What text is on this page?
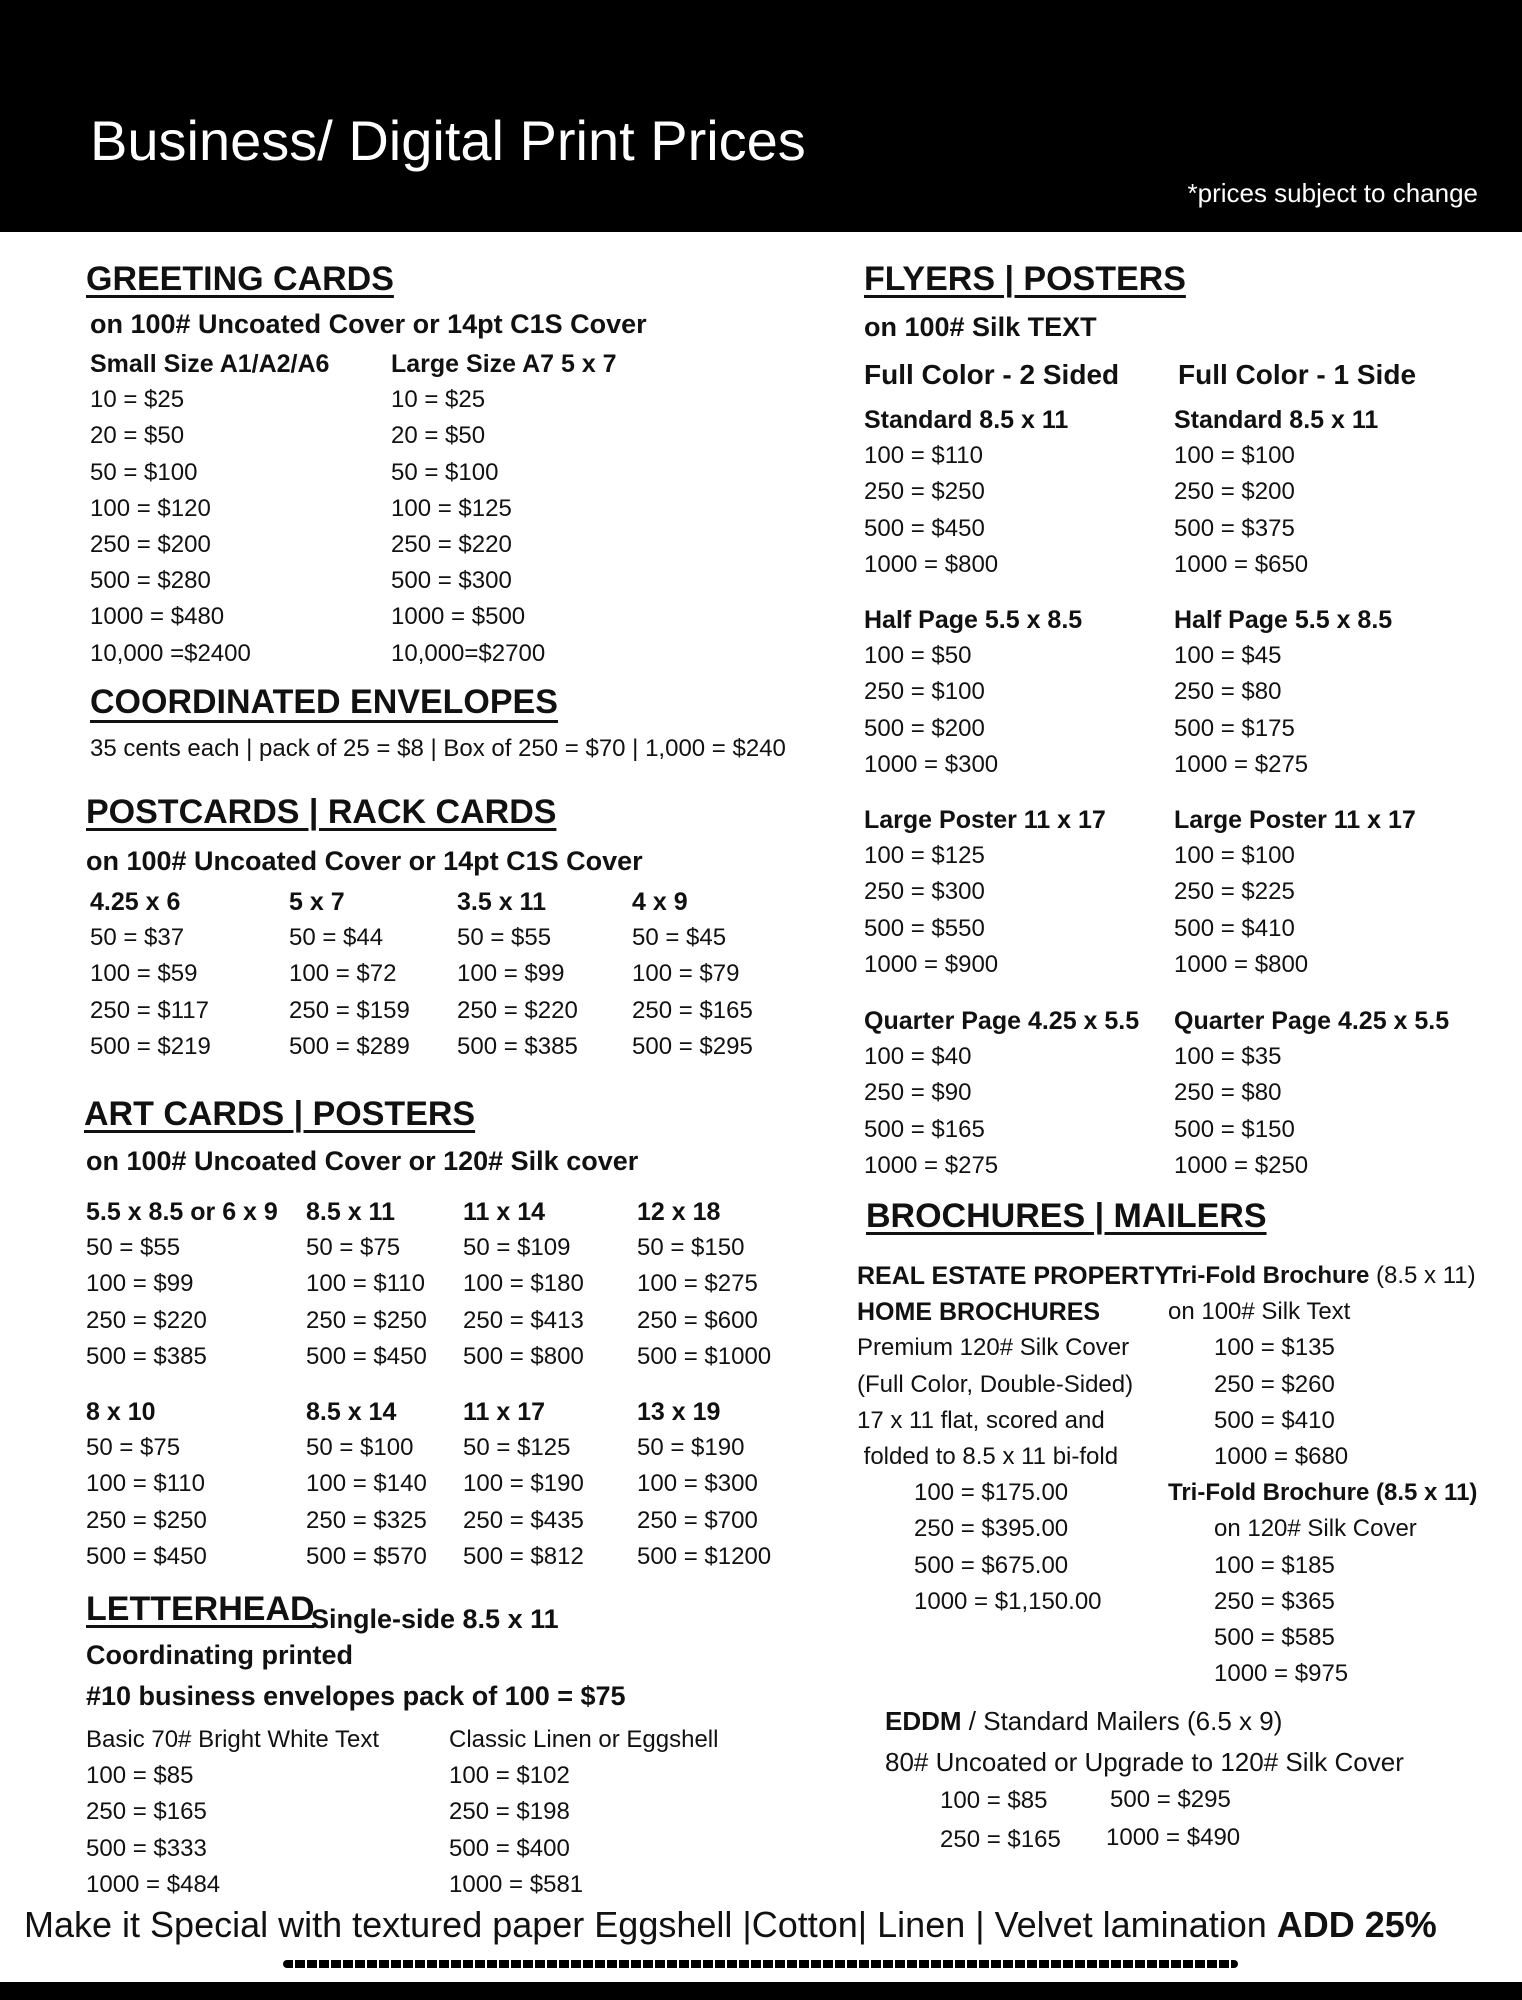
Business/ Digital Print Prices
*prices subject to change
GREETING CARDS
on 100# Uncoated Cover or 14pt C1S Cover
Small Size A1/A2/A6
10 = $25
20 = $50
50 = $100
100 = $120
250 = $200
500 = $280
1000 = $480
10,000 =$2400
Large Size A7 5 x 7
10 = $25
20 = $50
50 = $100
100 = $125
250 = $220
500 = $300
1000 = $500
10,000=$2700
COORDINATED ENVELOPES
35 cents each | pack of 25 = $8 | Box of 250 = $70 | 1,000 = $240
POSTCARDS | RACK CARDS
on 100# Uncoated Cover or 14pt C1S Cover
4.25 x 6
50 = $37
100 = $59
250 = $117
500 = $219
5 x 7
50 = $44
100 = $72
250 = $159
500 = $289
3.5 x 11
50 = $55
100 = $99
250 = $220
500 = $385
4 x 9
50 = $45
100 = $79
250 = $165
500 = $295
ART CARDS | POSTERS
on 100# Uncoated Cover or 120# Silk cover
5.5 x 8.5 or 6 x 9
50 = $55
100 = $99
250 = $220
500 = $385
8.5 x 11
50 = $75
100 = $110
250 = $250
500 = $450
11 x 14
50 = $109
100 = $180
250 = $413
500 = $800
12 x 18
50 = $150
100 = $275
250 = $600
500 = $1000
8 x 10
50 = $75
100 = $110
250 = $250
500 = $450
8.5 x 14
50 = $100
100 = $140
250 = $325
500 = $570
11 x 17
50 = $125
100 = $190
250 = $435
500 = $812
13 x 19
50 = $190
100 = $300
250 = $700
500 = $1200
LETTERHEAD
Single-side 8.5 x 11
Coordinating printed
#10 business envelopes pack of 100 = $75
Basic 70# Bright White Text
100 = $85
250 = $165
500 = $333
1000 = $484
Classic Linen or Eggshell
100 = $102
250 = $198
500 = $400
1000 = $581
FLYERS | POSTERS
on 100# Silk TEXT
Full Color - 2 Sided Full Color - 1 Side
Standard 8.5 x 11
100 = $110
250 = $250
500 = $450
1000 = $800
Half Page 5.5 x 8.5
100 = $50
250 = $100
500 = $200
1000 = $300
Large Poster 11 x 17
100 = $125
250 = $300
500 = $550
1000 = $900
Quarter Page 4.25 x 5.5
100 = $40
250 = $90
500 = $165
1000 = $275
Standard 8.5 x 11
100 = $100
250 = $200
500 = $375
1000 = $650
Half Page 5.5 x 8.5
100 = $45
250 = $80
500 = $175
1000 = $275
Large Poster 11 x 17
100 = $100
250 = $225
500 = $410
1000 = $800
Quarter Page 4.25 x 5.5
100 = $35
250 = $80
500 = $150
1000 = $250
BROCHURES | MAILERS
REAL ESTATE PROPERTY
HOME BROCHURES
Premium 120# Silk Cover
(Full Color, Double-Sided)
17 x 11 flat, scored and
folded to 8.5 x 11 bi-fold
100 = $175.00
250 = $395.00
500 = $675.00
1000 = $1,150.00
Tri-Fold Brochure (8.5 x 11)
on 100# Silk Text
100 = $135
250 = $260
500 = $410
1000 = $680
Tri-Fold Brochure (8.5 x 11)
on 120# Silk Cover
100 = $185
250 = $365
500 = $585
1000 = $975
EDDM / Standard Mailers (6.5 x 9)
80# Uncoated or Upgrade to 120# Silk Cover
100 = $85
250 = $165
500 = $295
1000 = $490
Make it Special with textured paper Eggshell |Cotton| Linen | Velvet lamination ADD 25%
